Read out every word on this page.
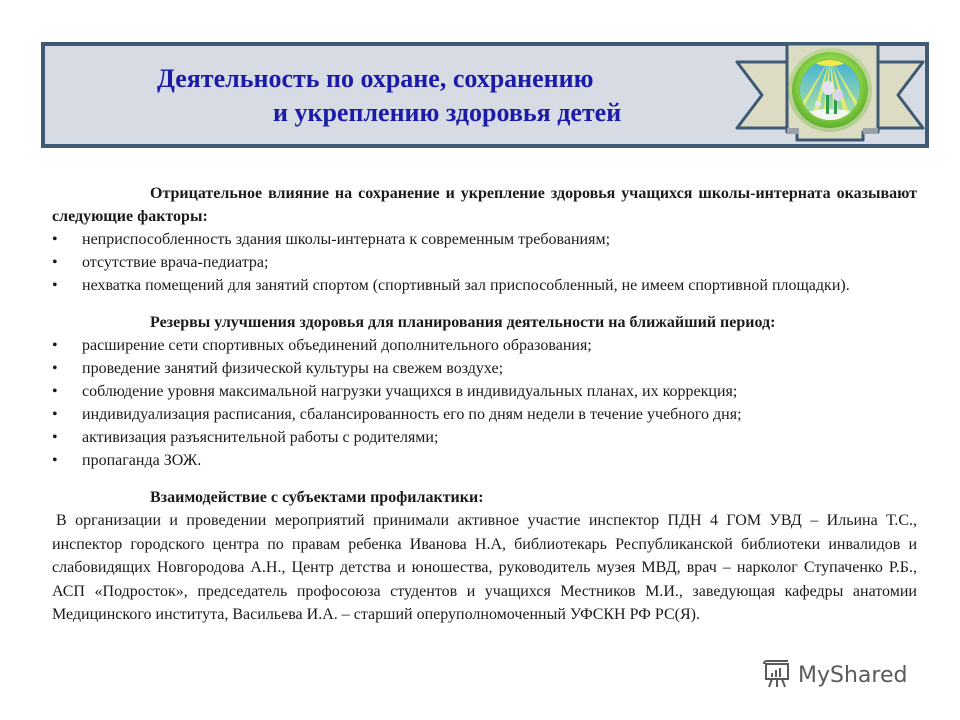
Деятельность по охране, сохранению
и укреплению здоровья детей
Отрицательное влияние на сохранение и укрепление здоровья учащихся школы-интерната оказывают следующие факторы:
• неприспособленность здания школы-интерната к современным требованиям;
• отсутствие врача-педиатра;
• нехватка помещений для занятий спортом (спортивный зал приспособленный, не имеем спортивной площадки).
Резервы улучшения здоровья для планирования деятельности на ближайший период:
• расширение сети спортивных объединений дополнительного образования;
• проведение занятий физической культуры на свежем воздухе;
• соблюдение уровня максимальной нагрузки учащихся в индивидуальных планах, их коррекция;
• индивидуализация расписания, сбалансированность его по дням недели в течение учебного дня;
• активизация разъяснительной работы с родителями;
• пропаганда ЗОЖ.
Взаимодействие с субъектами профилактики:
В организации и проведении мероприятий принимали активное участие инспектор ПДН 4 ГОМ УВД – Ильина Т.С., инспектор городского центра по правам ребенка Иванова Н.А, библиотекарь Республиканской библиотеки инвалидов и слабовидящих Новгородова А.Н., Центр детства и юношества, руководитель музея МВД, врач – нарколог Ступаченко Р.Б., АСП «Подросток», председатель профосоюза студентов и учащихся Местников М.И., заведующая кафедры анатомии Медицинского института, Васильева И.А. – старший оперуполномоченный УФСКН РФ РС(Я).
MyShared
